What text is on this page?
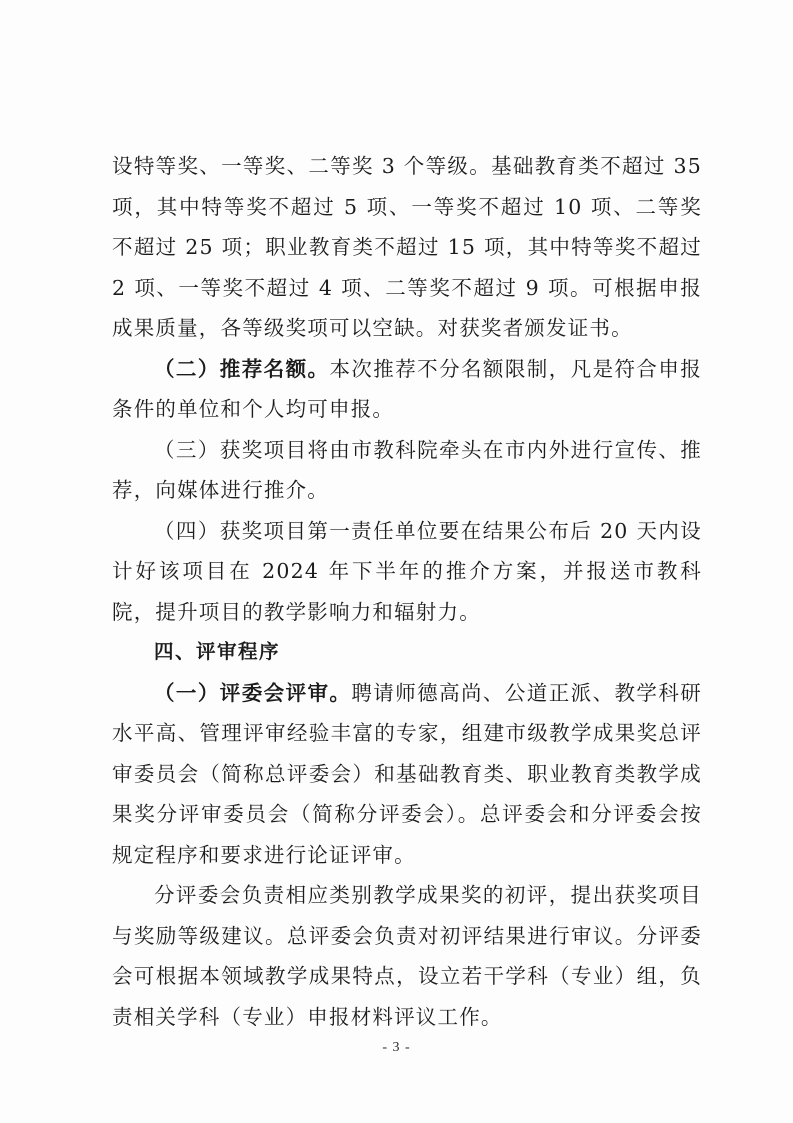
设特等奖、一等奖、二等奖 3 个等级。基础教育类不超过 35 项，其中特等奖不超过 5 项、一等奖不超过 10 项、二等奖不超过 25 项；职业教育类不超过 15 项，其中特等奖不超过 2 项、一等奖不超过 4 项、二等奖不超过 9 项。可根据申报成果质量，各等级奖项可以空缺。对获奖者颁发证书。

（二）推荐名额。本次推荐不分名额限制，凡是符合申报条件的单位和个人均可申报。

（三）获奖项目将由市教科院牵头在市内外进行宣传、推荐，向媒体进行推介。

（四）获奖项目第一责任单位要在结果公布后 20 天内设计好该项目在 2024 年下半年的推介方案，并报送市教科院，提升项目的教学影响力和辐射力。

四、评审程序

（一）评委会评审。聘请师德高尚、公道正派、教学科研水平高、管理评审经验丰富的专家，组建市级教学成果奖总评审委员会（简称总评委会）和基础教育类、职业教育类教学成果奖分评审委员会（简称分评委会）。总评委会和分评委会按规定程序和要求进行论证评审。

分评委会负责相应类别教学成果奖的初评，提出获奖项目与奖励等级建议。总评委会负责对初评结果进行审议。分评委会可根据本领域教学成果特点，设立若干学科（专业）组，负责相关学科（专业）申报材料评议工作。

- 3 -
